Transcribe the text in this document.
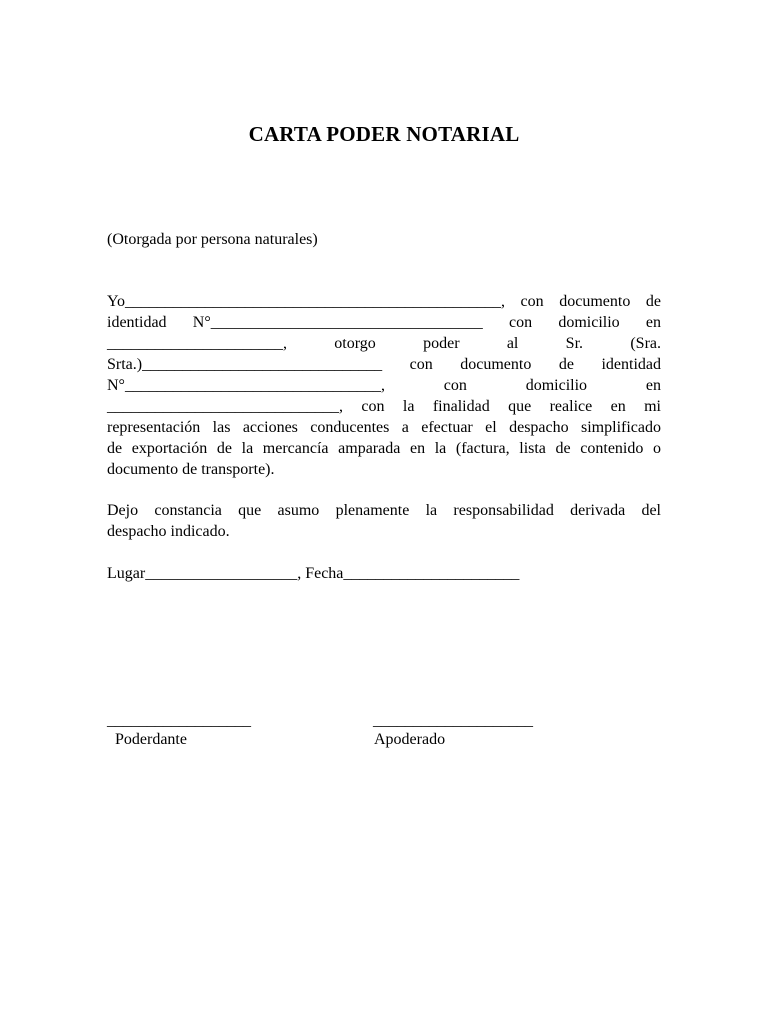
CARTA PODER NOTARIAL
(Otorgada por persona naturales)
Yo_______________________________________________, con documento de
identidad N°__________________________________ con domicilio en
______________________, otorgo poder al Sr. (Sra.
Srta.)______________________________ con documento de identidad
N°________________________________, con domicilio en
_____________________________, con la finalidad que realice en mi
representación las acciones conducentes a efectuar el despacho simplificado
de exportación de la mercancía amparada en la (factura, lista de contenido o
documento de transporte).
Dejo constancia que asumo plenamente la responsabilidad derivada del
despacho indicado.
Lugar___________________, Fecha______________________
__________________	____________________
Poderdante	Apoderado
